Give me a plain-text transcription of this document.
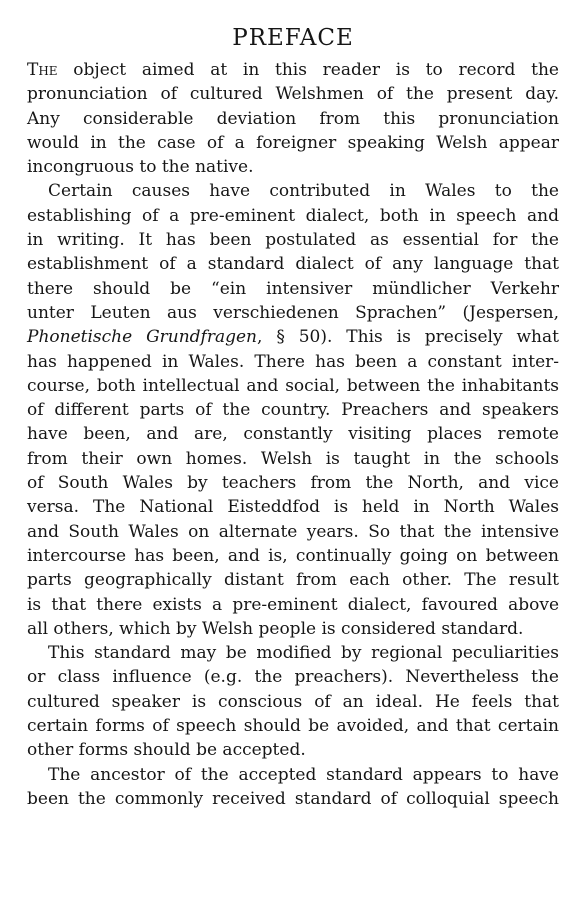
PREFACE
The object aimed at in this reader is to record the
pronunciation of cultured Welshmen of the present day.
Any considerable deviation from this pronunciation
would in the case of a foreigner speaking Welsh appear
incongruous to the native.
Certain causes have contributed in Wales to the
establishing of a pre-eminent dialect, both in speech and
in writing. It has been postulated as essential for the
establishment of a standard dialect of any language that
there should be “ein intensiver mündlicher Verkehr
unter Leuten aus verschiedenen Sprachen” (Jespersen,
Phonetische Grundfragen, § 50). This is precisely what
has happened in Wales. There has been a constant inter-
course, both intellectual and social, between the inhabitants
of different parts of the country. Preachers and speakers
have been, and are, constantly visiting places remote
from their own homes. Welsh is taught in the schools
of South Wales by teachers from the North, and vice
versa. The National Eisteddfod is held in North Wales
and South Wales on alternate years. So that the intensive
intercourse has been, and is, continually going on between
parts geographically distant from each other. The result
is that there exists a pre-eminent dialect, favoured above
all others, which by Welsh people is considered standard.
This standard may be modified by regional peculiarities
or class influence (e.g. the preachers). Nevertheless the
cultured speaker is conscious of an ideal. He feels that
certain forms of speech should be avoided, and that certain
other forms should be accepted.
The ancestor of the accepted standard appears to have
been the commonly received standard of colloquial speech
